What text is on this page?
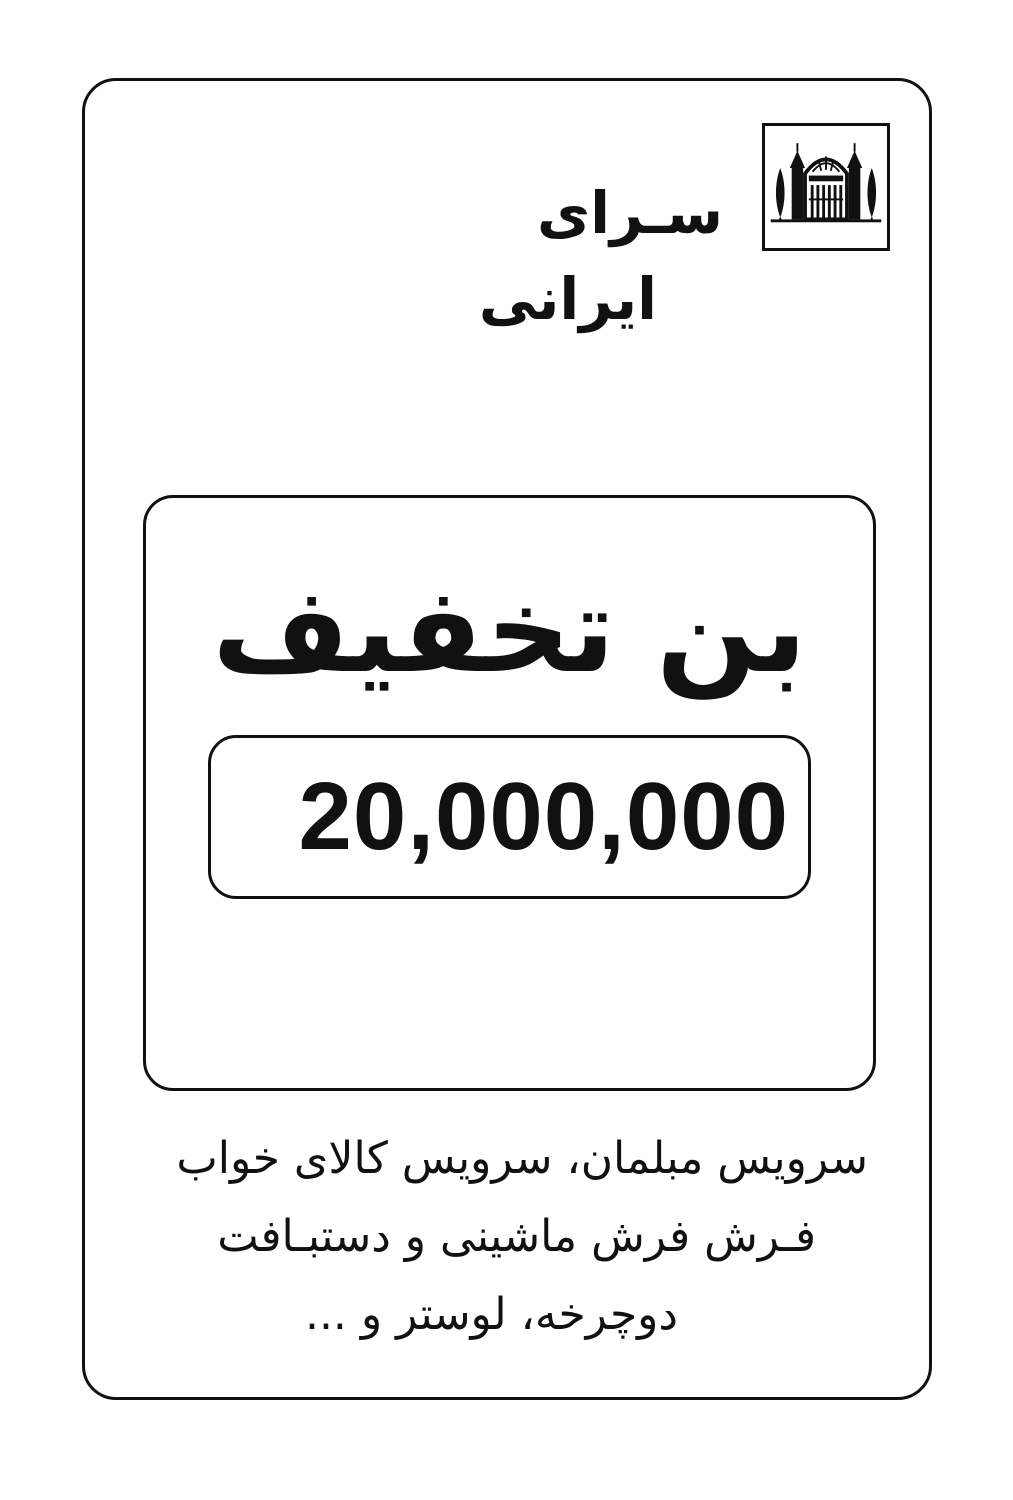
سـرای
ایرانی
بن تخفیف
20,000,000
سرویس مبلمان، سرویس کالای خواب
فـرش فرش ماشینی و دستبـافت
دوچرخه، لوستر و ...
